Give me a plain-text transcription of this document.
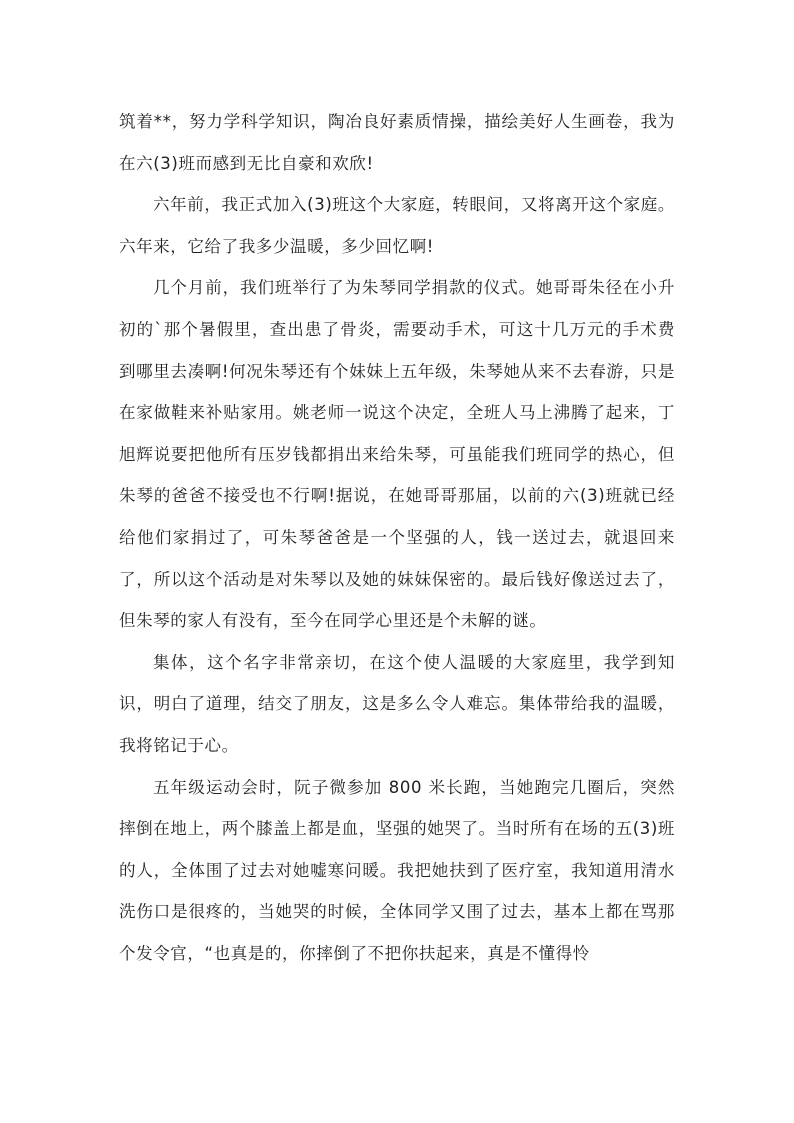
筑着**，努力学科学知识，陶冶良好素质情操，描绘美好人生画卷，我为在六(3)班而感到无比自豪和欢欣!

六年前，我正式加入(3)班这个大家庭，转眼间，又将离开这个家庭。六年来，它给了我多少温暖，多少回忆啊!

几个月前，我们班举行了为朱琴同学捐款的仪式。她哥哥朱径在小升初的`那个暑假里，查出患了骨炎，需要动手术，可这十几万元的手术费到哪里去凑啊!何况朱琴还有个妹妹上五年级，朱琴她从来不去春游，只是在家做鞋来补贴家用。姚老师一说这个决定，全班人马上沸腾了起来，丁旭辉说要把他所有压岁钱都捐出来给朱琴，可虽能我们班同学的热心，但朱琴的爸爸不接受也不行啊!据说，在她哥哥那届，以前的六(3)班就已经给他们家捐过了，可朱琴爸爸是一个坚强的人，钱一送过去，就退回来了，所以这个活动是对朱琴以及她的妹妹保密的。最后钱好像送过去了，但朱琴的家人有没有，至今在同学心里还是个未解的谜。

集体，这个名字非常亲切，在这个使人温暖的大家庭里，我学到知识，明白了道理，结交了朋友，这是多么令人难忘。集体带给我的温暖，我将铭记于心。

五年级运动会时，阮子微参加 800 米长跑，当她跑完几圈后，突然摔倒在地上，两个膝盖上都是血，坚强的她哭了。当时所有在场的五(3)班的人，全体围了过去对她嘘寒问暖。我把她扶到了医疗室，我知道用清水洗伤口是很疼的，当她哭的时候，全体同学又围了过去，基本上都在骂那个发令官，“也真是的，你摔倒了不把你扶起来，真是不懂得怜
